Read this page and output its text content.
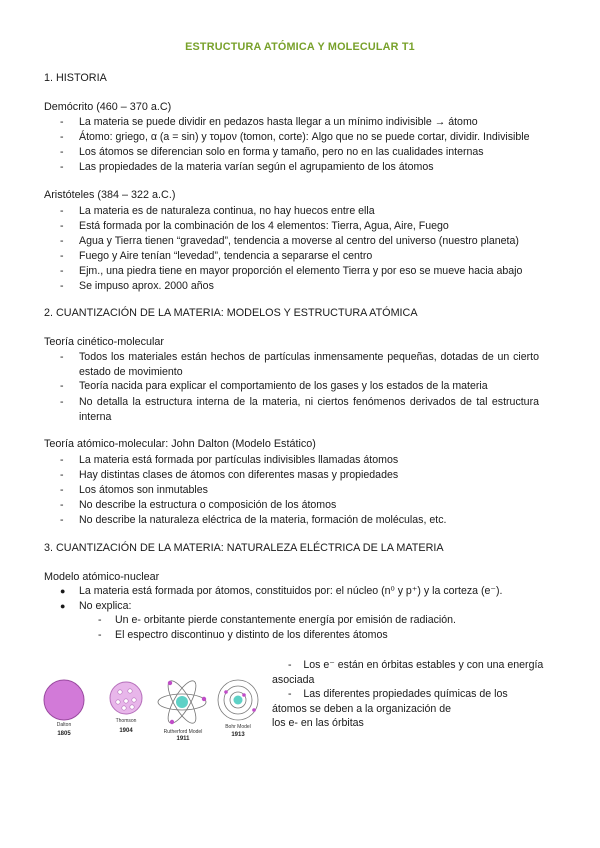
ESTRUCTURA ATÓMICA Y MOLECULAR T1
1. HISTORIA
Demócrito (460 – 370 a.C)
-	La materia se puede dividir en pedazos hasta llegar a un mínimo indivisible → átomo
-	Átomo: griego, α (a = sin) y τομον (tomon, corte): Algo que no se puede cortar, dividir. Indivisible
-	Los átomos se diferencian solo en forma y tamaño, pero no en las cualidades internas
-	Las propiedades de la materia varían según el agrupamiento de los átomos
Aristóteles (384 – 322 a.C.)
-	La materia es de naturaleza continua, no hay huecos entre ella
-	Está formada por la combinación de los 4 elementos: Tierra, Agua, Aire, Fuego
-	Agua y Tierra tienen “gravedad”, tendencia a moverse al centro del universo (nuestro planeta)
-	Fuego y Aire tenían “levedad”, tendencia a separarse el centro
-	Ejm., una piedra tiene en mayor proporción el elemento Tierra y por eso se mueve hacia abajo
-	Se impuso aprox. 2000 años
2. CUANTIZACIÓN DE LA MATERIA: MODELOS Y ESTRUCTURA ATÓMICA
Teoría cinético-molecular
-	Todos los materiales están hechos de partículas inmensamente pequeñas, dotadas de un cierto estado de movimiento
-	Teoría nacida para explicar el comportamiento de los gases y los estados de la materia
-	No detalla la estructura interna de la materia, ni ciertos fenómenos derivados de tal estructura interna
Teoría atómico-molecular: John Dalton (Modelo Estático)
-	La materia está formada por partículas indivisibles llamadas átomos
-	Hay distintas clases de átomos con diferentes masas y propiedades
-	Los átomos son inmutables
-	No describe la estructura o composición de los átomos
-	No describe la naturaleza eléctrica de la materia, formación de moléculas, etc.
3. CUANTIZACIÓN DE LA MATERIA: NATURALEZA ELÉCTRICA DE LA MATERIA
Modelo atómico-nuclear
● La materia está formada por átomos, constituidos por: el núcleo (n⁰ y p⁺) y la corteza (e⁻).
● No explica:
- Un e- orbitante pierde constantemente energía por emisión de radiación.
- El espectro discontinuo y distinto de los diferentes átomos
- Los e⁻ están en órbitas estables y con una energía
asociada
- Las diferentes propiedades químicas de los
átomos se deben a la organización de
los e- en las órbitas
Dalton
1805
Thomson
1904	Rutherford Model
1911
Bohr Model
1913
